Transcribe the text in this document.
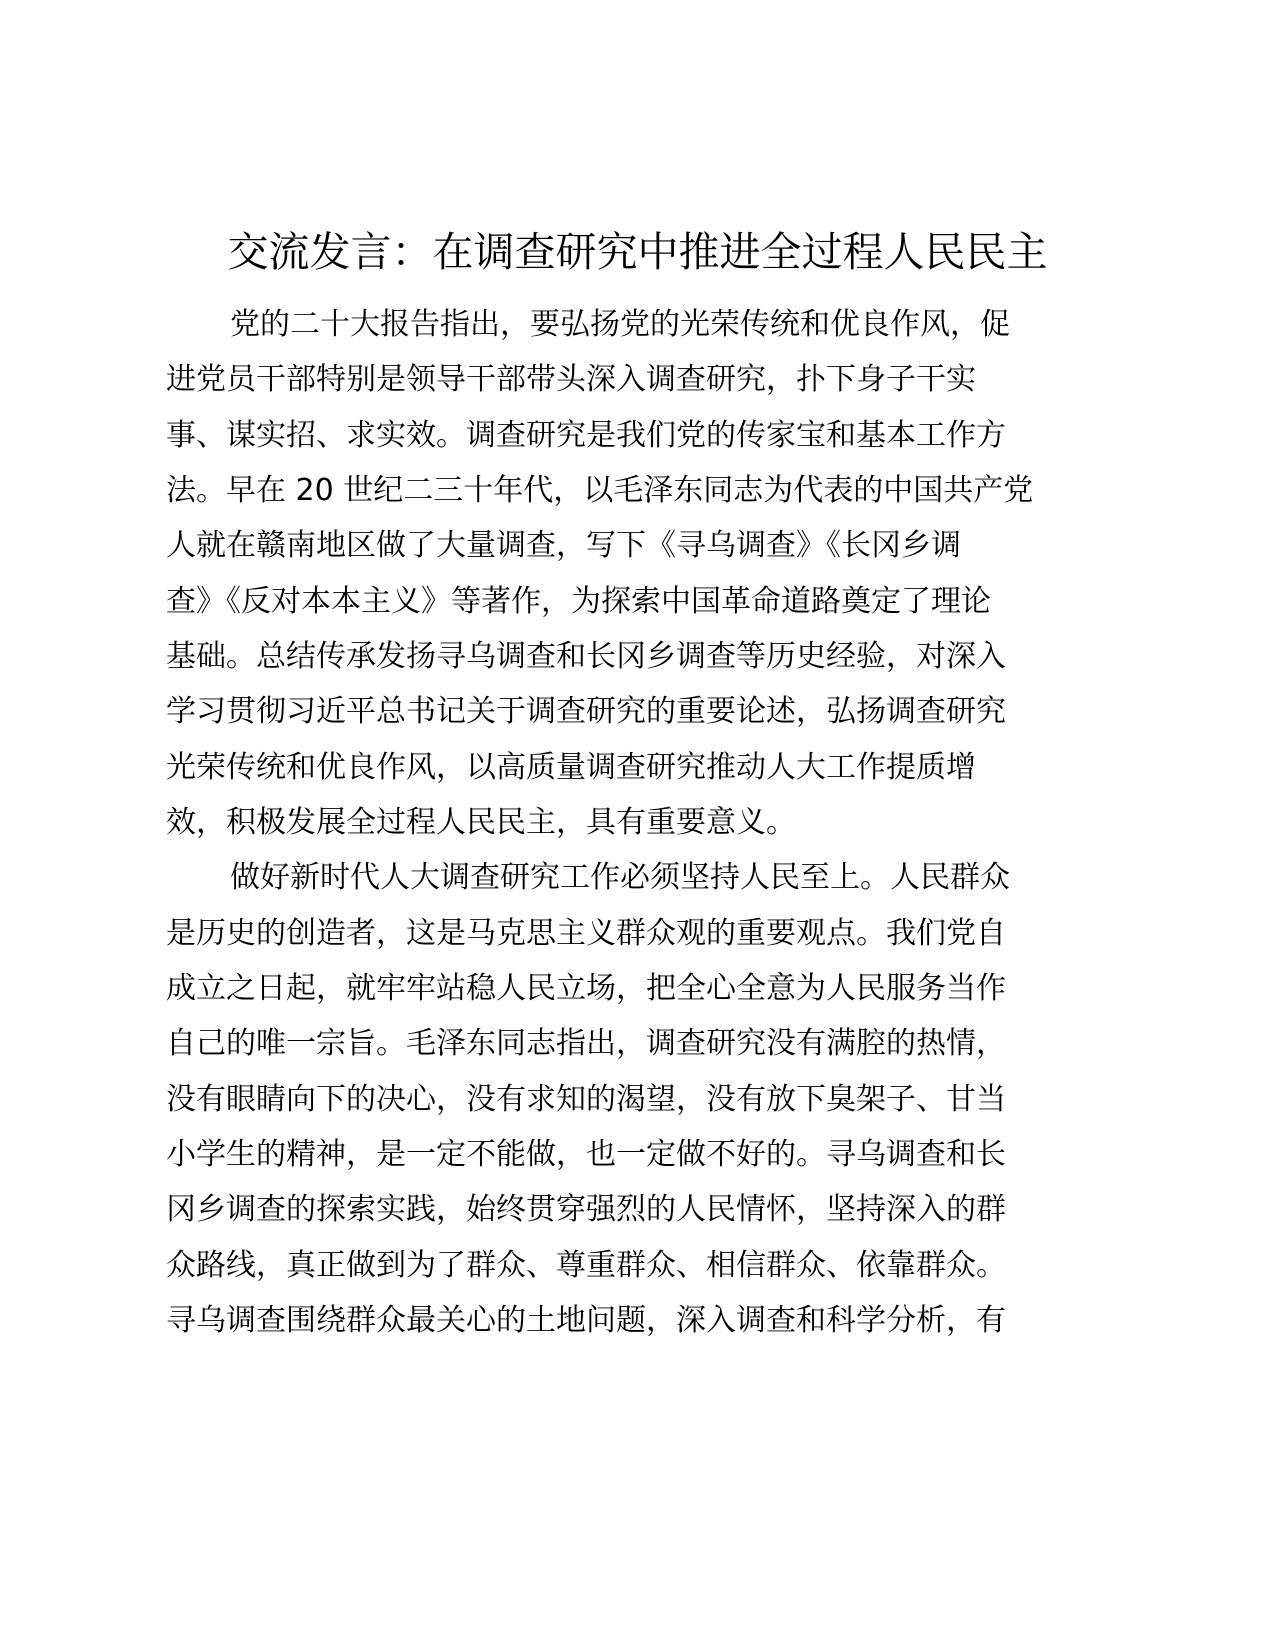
交流发言：在调查研究中推进全过程人民民主

党的二十大报告指出，要弘扬党的光荣传统和优良作风，促

进党员干部特别是领导干部带头深入调查研究，扑下身子干实

事、谋实招、求实效。调查研究是我们党的传家宝和基本工作方

法。早在 20 世纪二三十年代，以毛泽东同志为代表的中国共产党

人就在赣南地区做了大量调查，写下《寻乌调查》《长冈乡调

查》《反对本本主义》等著作，为探索中国革命道路奠定了理论

基础。总结传承发扬寻乌调查和长冈乡调查等历史经验，对深入

学习贯彻习近平总书记关于调查研究的重要论述，弘扬调查研究

光荣传统和优良作风，以高质量调查研究推动人大工作提质增

效，积极发展全过程人民民主，具有重要意义。

做好新时代人大调查研究工作必须坚持人民至上。人民群众

是历史的创造者，这是马克思主义群众观的重要观点。我们党自

成立之日起，就牢牢站稳人民立场，把全心全意为人民服务当作

自己的唯一宗旨。毛泽东同志指出，调查研究没有满腔的热情，

没有眼睛向下的决心，没有求知的渴望，没有放下臭架子、甘当

小学生的精神，是一定不能做，也一定做不好的。寻乌调查和长

冈乡调查的探索实践，始终贯穿强烈的人民情怀，坚持深入的群

众路线，真正做到为了群众、尊重群众、相信群众、依靠群众。

寻乌调查围绕群众最关心的土地问题，深入调查和科学分析，有
